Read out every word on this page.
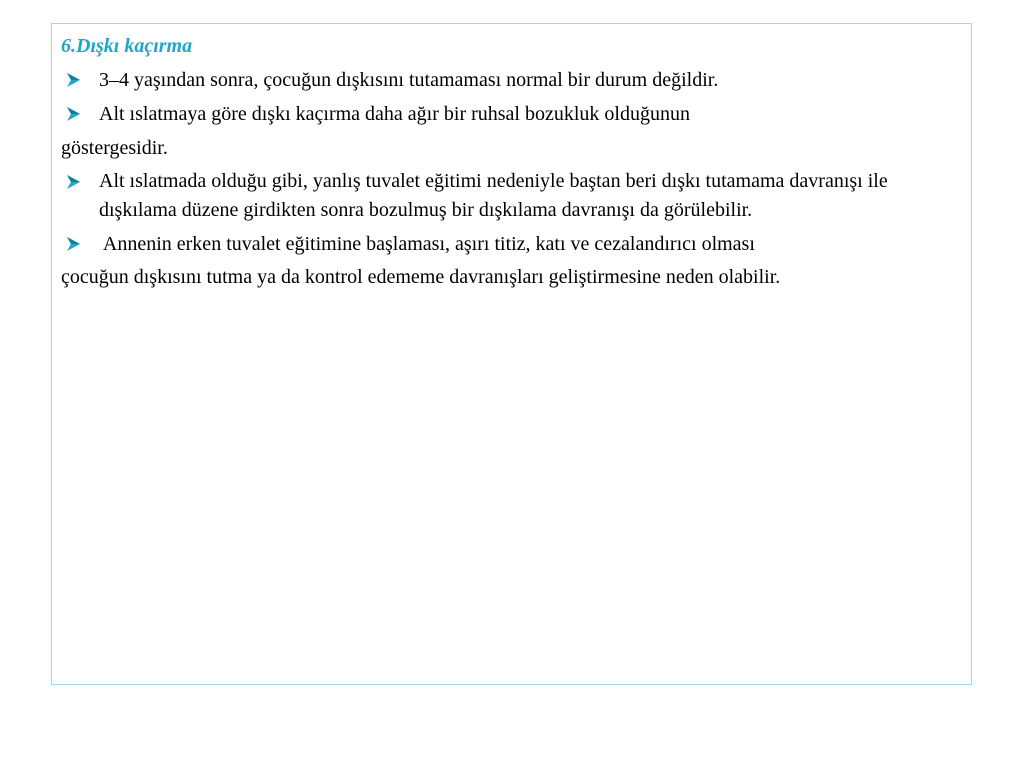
6.Dışkı kaçırma
3–4 yaşından sonra, çocuğun dışkısını tutamaması normal bir durum değildir.
Alt ıslatmaya göre dışkı kaçırma daha ağır bir ruhsal bozukluk olduğunun
göstergesidir.
Alt ıslatmada olduğu gibi, yanlış tuvalet eğitimi nedeniyle baştan beri dışkı tutamama davranışı ile dışkılama düzene girdikten sonra bozulmuş bir dışkılama davranışı da görülebilir.
Annenin erken tuvalet eğitimine başlaması, aşırı titiz, katı ve cezalandırıcı olması
çocuğun dışkısını tutma ya da kontrol edememe davranışları geliştirmesine neden olabilir.
